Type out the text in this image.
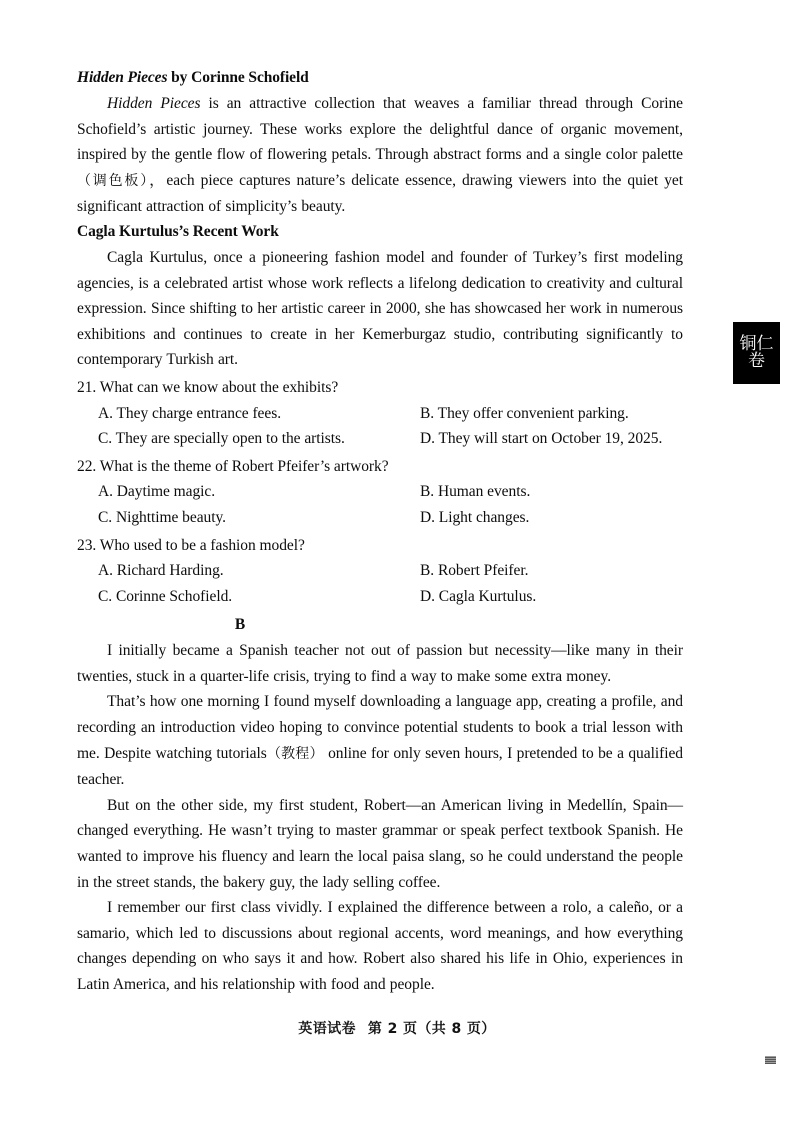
Hidden Pieces by Corinne Schofield

Hidden Pieces is an attractive collection that weaves a familiar thread through Corine Schofield’s artistic journey. These works explore the delightful dance of organic movement, inspired by the gentle flow of flowering petals. Through abstract forms and a single color palette（调色板），each piece captures nature’s delicate essence, drawing viewers into the quiet yet significant attraction of simplicity’s beauty.

Cagla Kurtulus’s Recent Work

Cagla Kurtulus, once a pioneering fashion model and founder of Turkey’s first modeling agencies, is a celebrated artist whose work reflects a lifelong dedication to creativity and cultural expression. Since shifting to her artistic career in 2000, she has showcased her work in numerous exhibitions and continues to create in her Kemerburgaz studio, contributing significantly to contemporary Turkish art.

21. What can we know about the exhibits?

A. They charge entrance fees.	B. They offer convenient parking.
C. They are specially open to the artists.	D. They will start on October 19, 2025.

22. What is the theme of Robert Pfeifer’s artwork?

A. Daytime magic.	B. Human events.
C. Nighttime beauty.	D. Light changes.

23. Who used to be a fashion model?

A. Richard Harding.	B. Robert Pfeifer.
C. Corinne Schofield.	D. Cagla Kurtulus.
B

I initially became a Spanish teacher not out of passion but necessity—like many in their twenties, stuck in a quarter-life crisis, trying to find a way to make some extra money.

That’s how one morning I found myself downloading a language app, creating a profile, and recording an introduction video hoping to convince potential students to book a trial lesson with me. Despite watching tutorials（教程） online for only seven hours, I pretended to be a qualified teacher.

But on the other side, my first student, Robert—an American living in Medellín, Spain—changed everything. He wasn’t trying to master grammar or speak perfect textbook Spanish. He wanted to improve his fluency and learn the local paisa slang, so he could understand the people in the street stands, the bakery guy, the lady selling coffee.

I remember our first class vividly. I explained the difference between a rolo, a caleño, or a samario, which led to discussions about regional accents, word meanings, and how everything changes depending on who says it and how. Robert also shared his life in Ohio, experiences in Latin America, and his relationship with food and people.

铜仁
卷
英语试卷 第 2 页（共 8 页）
